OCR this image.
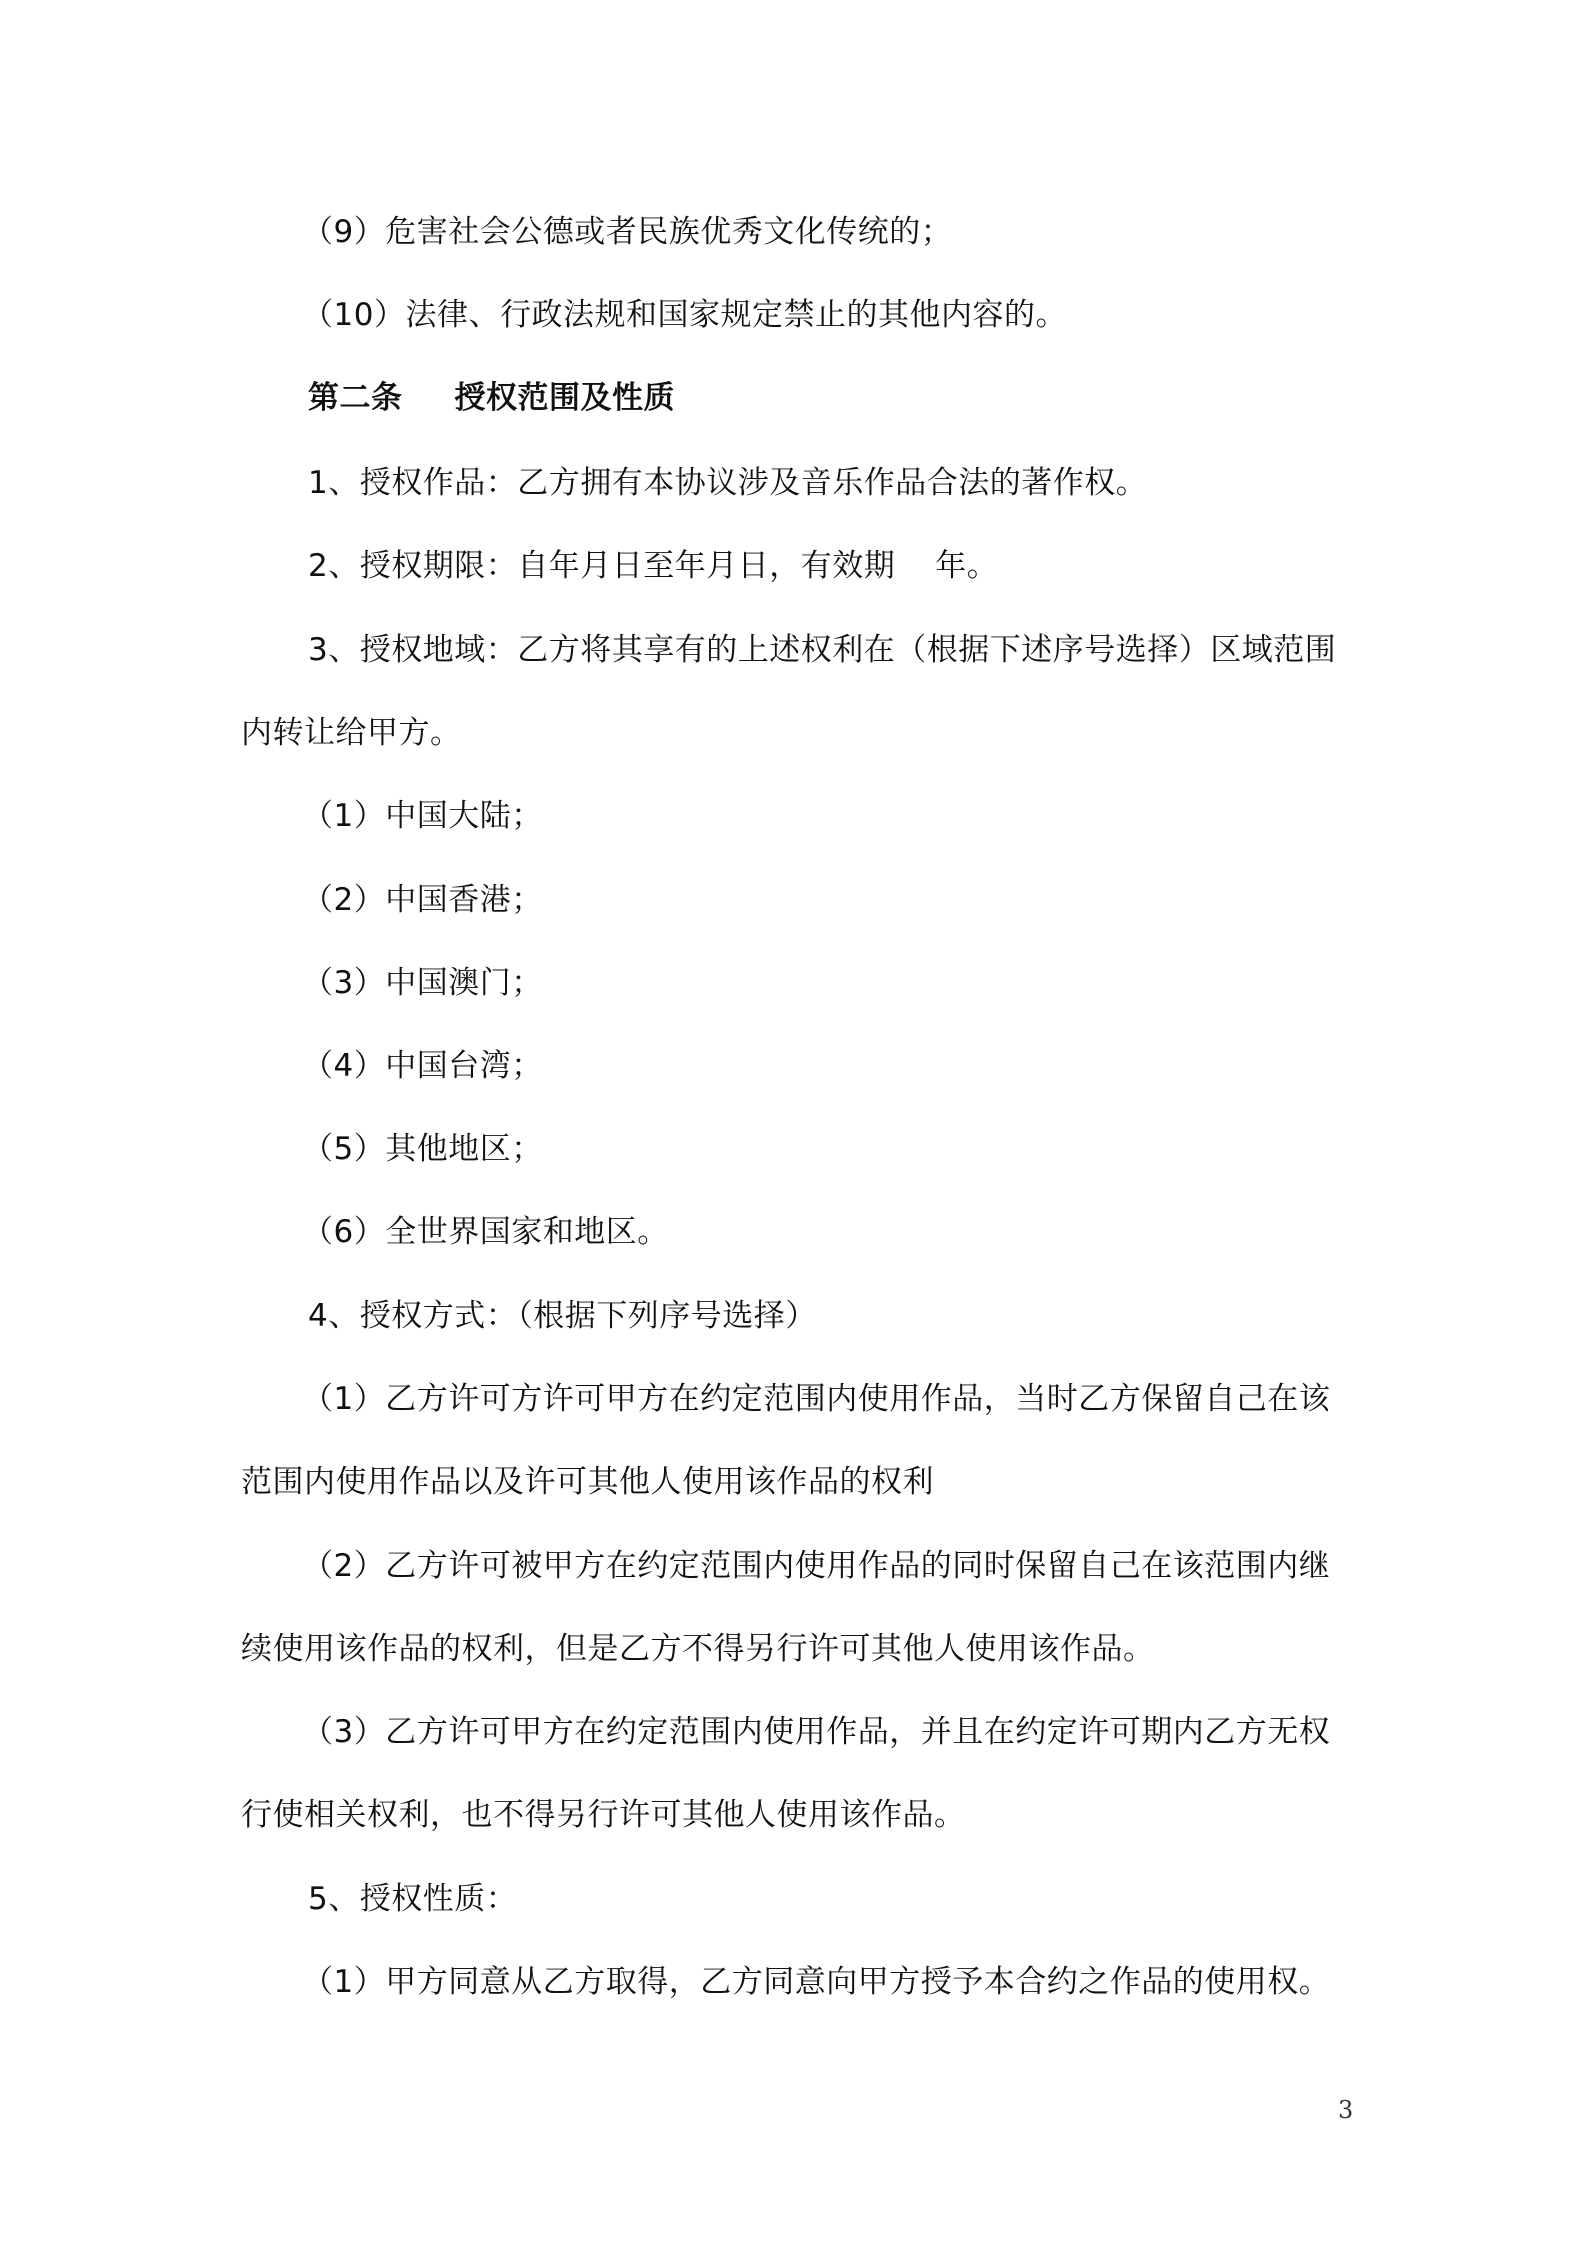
（9）危害社会公德或者民族优秀文化传统的；
（10）法律、行政法规和国家规定禁止的其他内容的。
第二条 授权范围及性质
1、授权作品：乙方拥有本协议涉及音乐作品合法的著作权。
2、授权期限：自年月日至年月日，有效期 年。
3、授权地域：乙方将其享有的上述权利在（根据下述序号选择）区域范围
内转让给甲方。
（1）中国大陆；
（2）中国香港；
（3）中国澳门；
（4）中国台湾；
（5）其他地区；
（6）全世界国家和地区。
4、授权方式：（根据下列序号选择）
（1）乙方许可方许可甲方在约定范围内使用作品，当时乙方保留自己在该
范围内使用作品以及许可其他人使用该作品的权利
（2）乙方许可被甲方在约定范围内使用作品的同时保留自己在该范围内继
续使用该作品的权利，但是乙方不得另行许可其他人使用该作品。
（3）乙方许可甲方在约定范围内使用作品，并且在约定许可期内乙方无权
行使相关权利，也不得另行许可其他人使用该作品。
5、授权性质：
（1）甲方同意从乙方取得，乙方同意向甲方授予本合约之作品的使用权。
3
